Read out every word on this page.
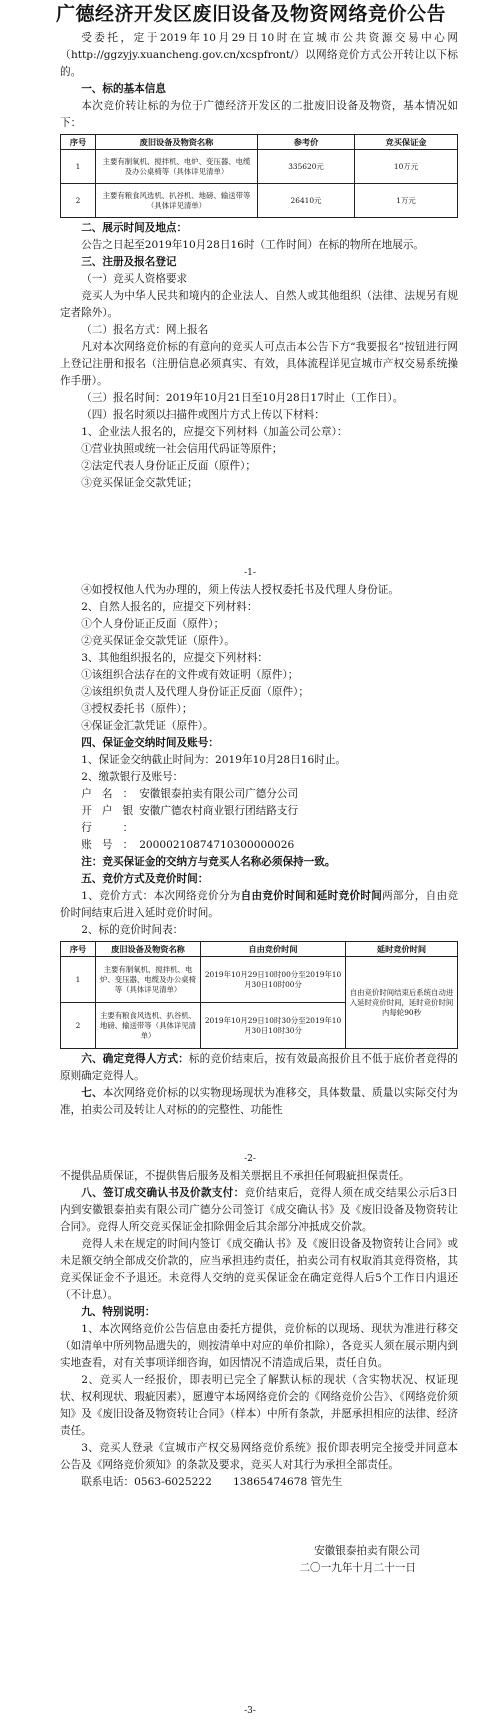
广德经济开发区废旧设备及物资网络竞价公告

受委托，定于2019年10月29日10时在宣城市公共资源交易中心网（http://ggzyjy.xuancheng.gov.cn/xcspfront/）以网络竞价方式公开转让以下标的。

一、标的基本信息

本次竞价转让标的为位于广德经济开发区的二批废旧设备及物资，基本情况如下：

序号	废旧设备及物资名称	参考价	竞买保证金
1	主要有制氧机、搅拌机、电炉、变压器、电缆及办公桌椅等（具体详见清单）	335620元	10万元
2	主要有粮食风选机、扒谷机、地磅、输送带等（具体详见清单）	26410元	1万元

二、展示时间及地点：

公告之日起至2019年10月28日16时（工作时间）在标的物所在地展示。

三、注册及报名登记

（一）竞买人资格要求

竞买人为中华人民共和境内的企业法人、自然人或其他组织（法律、法规另有规定者除外）。

（二）报名方式：网上报名

凡对本次网络竞价标的有意向的竞买人可点击本公告下方“我要报名”按钮进行网上登记注册和报名（注册信息必须真实、有效，具体流程详见宣城市产权交易系统操作手册）。

（三）报名时间：2019年10月21日至10月28日17时止（工作日）。

（四）报名时须以扫描件或图片方式上传以下材料：

1、企业法人报名的，应提交下列材料（加盖公司公章）：

①营业执照或统一社会信用代码证等原件；

②法定代表人身份证正反面（原件）；

③竞买保证金交款凭证；

-1-

④如授权他人代为办理的，须上传法人授权委托书及代理人身份证。

2、自然人报名的，应提交下列材料：

①个人身份证正反面（原件）；

②竞买保证金交款凭证（原件）。

3、其他组织报名的，应提交下列材料：

①该组织合法存在的文件或有效证明（原件）；

②该组织负责人及代理人身份证正反面（原件）；

③授权委托书（原件）；

④保证金汇款凭证（原件）。

四、保证金交纳时间及账号：

1、保证金交纳截止时间为：2019年10月28日16时止。

2、缴款银行及账号：

户名： 安徽银泰拍卖有限公司广德分公司
开户银行：
安徽广德农村商业银行团结路支行
账号： 20000210874710300000026

注：竞买保证金的交纳方与竞买人名称必须保持一致。

五、竞价方式及竞价时间：

1、竞价方式：本次网络竞价分为自由竞价时间和延时竞价时间两部分，自由竞价时间结束后进入延时竞价时间。

2、标的竞价时间表：

序号	废旧设备及物资名称	自由竞价时间	延时竞价时间
1	主要有制氧机、搅拌机、电炉、变压器、电缆及办公桌椅等（具体详见清单）	2019年10月29日10时00分至2019年10月30日10时00分	自由竞价时间结束后系统自动进入延时竞价时间，延时竞价时间内每轮90秒
2	主要有粮食风选机、扒谷机、地磅、输送带等（具体详见清单）	2019年10月29日10时30分至2019年10月30日10时30分	

六、确定竞得人方式：标的竞价结束后，按有效最高报价且不低于底价者竞得的原则确定竞得人。

七、本次网络竞价标的以实物现场现状为准移交，具体数量、质量以实际交付为准，拍卖公司及转让人对标的的完整性、功能性

-2-

不提供品质保证，不提供售后服务及相关票据且不承担任何瑕疵担保责任。

八、签订成交确认书及价款支付：竞价结束后，竞得人须在成交结果公示后3日内到安徽银泰拍卖有限公司广德分公司签订《成交确认书》及《废旧设备及物资转让合同》。竞得人所交竞买保证金扣除佣金后其余部分冲抵成交价款。

竞得人未在规定的时间内签订《成交确认书》及《废旧设备及物资转让合同》或未足额交纳全部成交价款的，应当承担违约责任，拍卖公司有权取消其竞得资格，其竞买保证金不予退还。未竞得人交纳的竞买保证金在确定竞得人后5个工作日内退还（不计息）。

九、特别说明：

1、本次网络竞价公告信息由委托方提供，竞价标的以现场、现状为准进行移交（如清单中所列物品遗失的，则按清单中对应的单价扣除），各竞买人须在展示期内到实地查看，对有关事项详细咨询，如因情况不清造成后果，责任自负。

2、竞买人一经报价，即表明已完全了解默认标的现状（含实物状况、权证现状、权利现状、瑕疵因素），愿遵守本场网络竞价会的《网络竞价公告》、《网络竞价须知》及《废旧设备及物资转让合同》（样本）中所有条款，并愿承担相应的法律、经济责任。

3、竞买人登录《宣城市产权交易网络竞价系统》报价即表明完全接受并同意本公告及《网络竞价须知》的条款及要求，竞买人对其行为承担全部责任。

联系电话：0563-6025222　　13865474678 管先生

安徽银泰拍卖有限公司
二〇一九年十月二十一日
-3-
